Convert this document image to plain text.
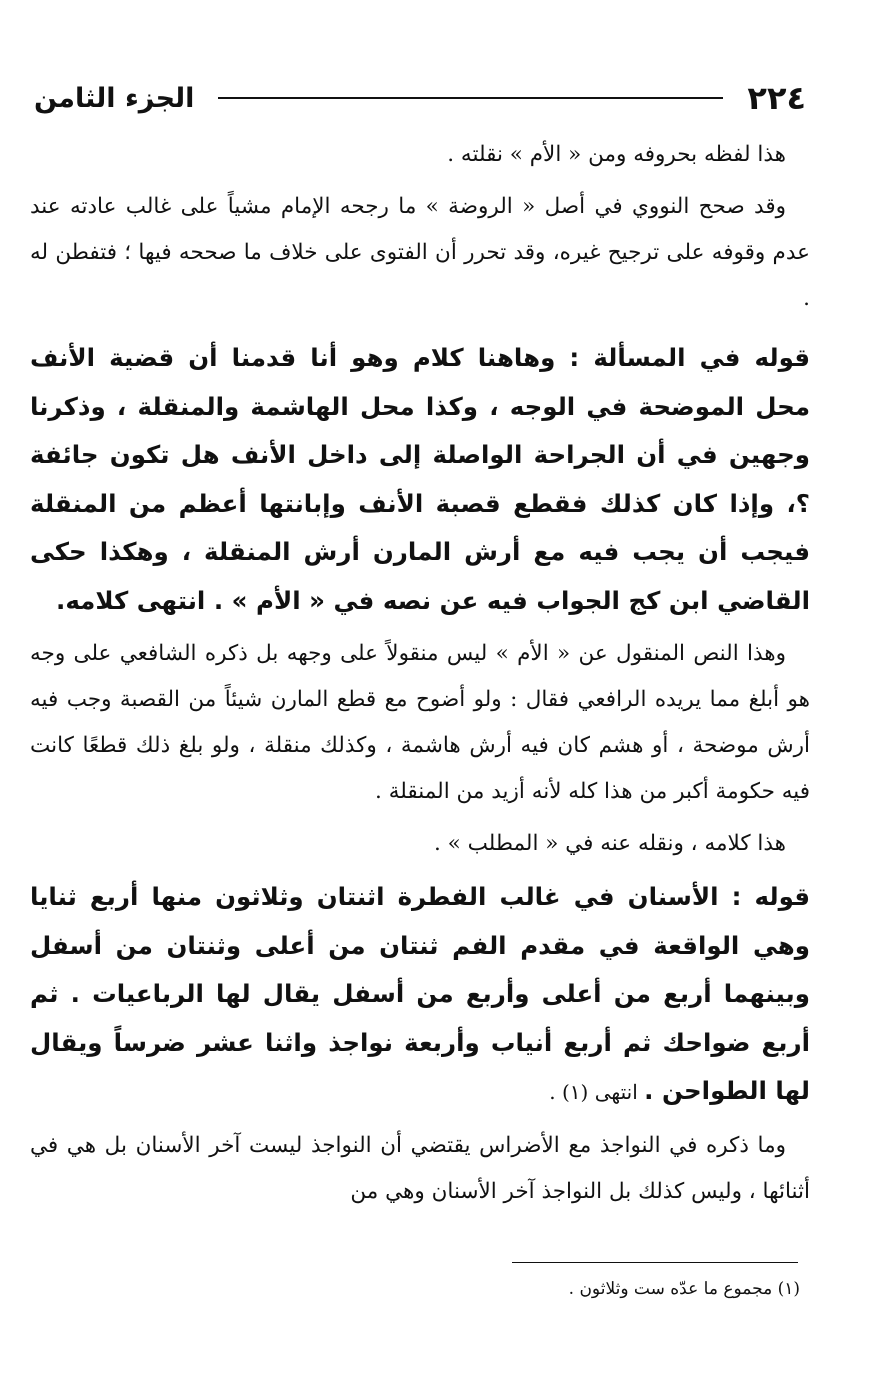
٢٢٤
الجزء الثامن

هذا لفظه بحروفه ومن « الأم » نقلته .

وقد صحح النووي في أصل « الروضة » ما رجحه الإمام مشياً على غالب عادته عند عدم وقوفه على ترجيح غيره، وقد تحرر أن الفتوى على خلاف ما صححه فيها ؛ فتفطن له .

قوله في المسألة : وهاهنا كلام وهو أنا قدمنا أن قضية الأنف محل الموضحة في الوجه ، وكذا محل الهاشمة والمنقلة ، وذكرنا وجهين في أن الجراحة الواصلة إلى داخل الأنف هل تكون جائفة ؟، وإذا كان كذلك فقطع قصبة الأنف وإبانتها أعظم من المنقلة فيجب أن يجب فيه مع أرش المارن أرش المنقلة ، وهكذا حكى القاضي ابن كج الجواب فيه عن نصه في « الأم » . انتهى كلامه.

وهذا النص المنقول عن « الأم » ليس منقولاً على وجهه بل ذكره الشافعي على وجه هو أبلغ مما يريده الرافعي فقال : ولو أضوح مع قطع المارن شيئاً من القصبة وجب فيه أرش موضحة ، أو هشم كان فيه أرش هاشمة ، وكذلك منقلة ، ولو بلغ ذلك قطعًا كانت فيه حكومة أكبر من هذا كله لأنه أزيد من المنقلة .

هذا كلامه ، ونقله عنه في « المطلب » .

قوله : الأسنان في غالب الفطرة اثنتان وثلاثون منها أربع ثنايا وهي الواقعة في مقدم الفم ثنتان من أعلى وثنتان من أسفل وبينهما أربع من أعلى وأربع من أسفل يقال لها الرباعيات . ثم أربع ضواحك ثم أربع أنياب وأربعة نواجذ واثنا عشر ضرساً ويقال لها الطواحن . انتهى (١) .

وما ذكره في النواجذ مع الأضراس يقتضي أن النواجذ ليست آخر الأسنان بل هي في أثنائها ، وليس كذلك بل النواجذ آخر الأسنان وهي من

(١) مجموع ما عدّه ست وثلاثون .
